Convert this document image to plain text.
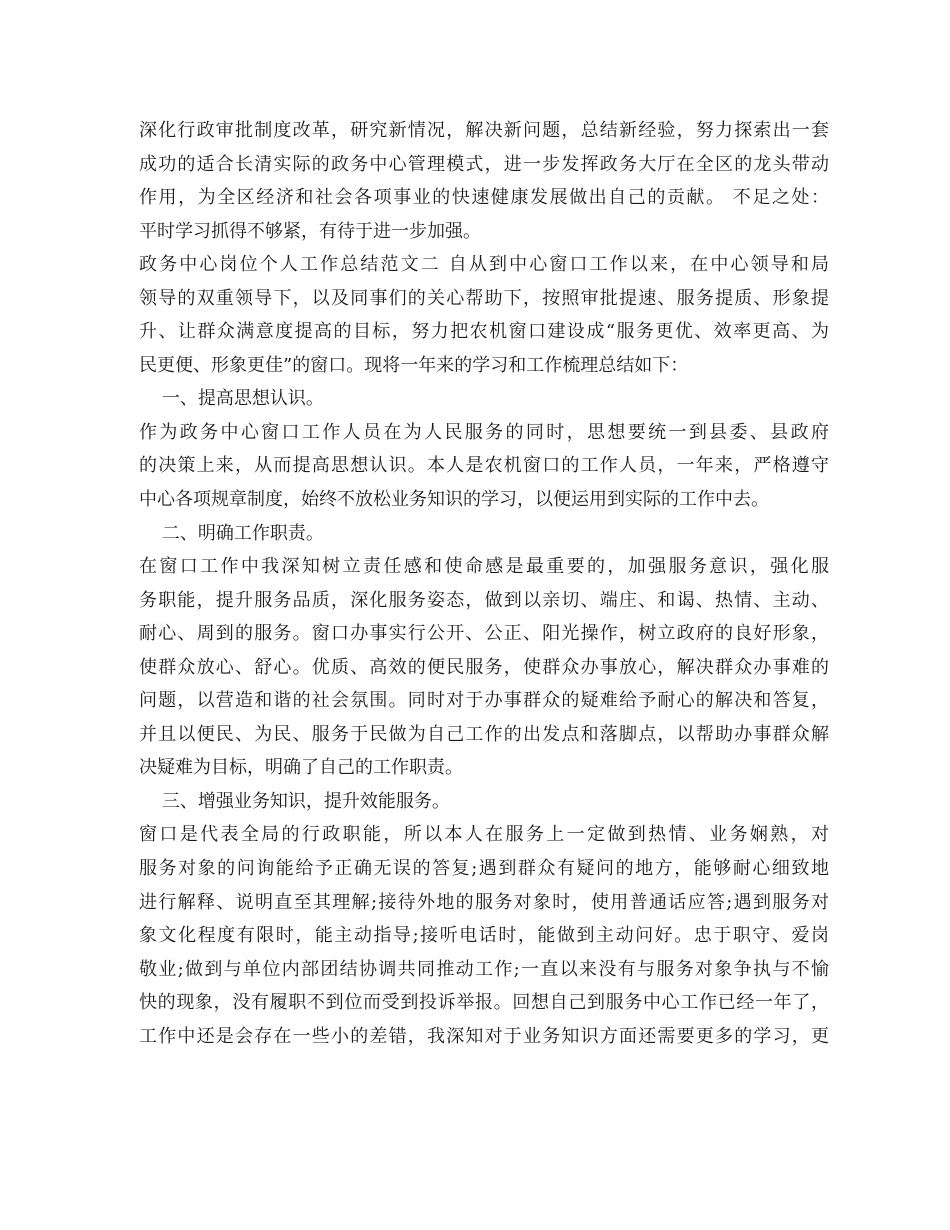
深化行政审批制度改革，研究新情况，解决新问题，总结新经验，努力探索出一套
成功的适合长清实际的政务中心管理模式，进一步发挥政务大厅在全区的龙头带动
作用，为全区经济和社会各项事业的快速健康发展做出自己的贡献。 不足之处：
平时学习抓得不够紧，有待于进一步加强。
政务中心岗位个人工作总结范文二 自从到中心窗口工作以来，在中心领导和局
领导的双重领导下，以及同事们的关心帮助下，按照审批提速、服务提质、形象提
升、让群众满意度提高的目标，努力把农机窗口建设成“服务更优、效率更高、为
民更便、形象更佳”的窗口。现将一年来的学习和工作梳理总结如下：
一、提高思想认识。
作为政务中心窗口工作人员在为人民服务的同时，思想要统一到县委、县政府
的决策上来，从而提高思想认识。本人是农机窗口的工作人员，一年来，严格遵守
中心各项规章制度，始终不放松业务知识的学习，以便运用到实际的工作中去。
二、明确工作职责。
在窗口工作中我深知树立责任感和使命感是最重要的，加强服务意识，强化服
务职能，提升服务品质，深化服务姿态，做到以亲切、端庄、和谒、热情、主动、
耐心、周到的服务。窗口办事实行公开、公正、阳光操作，树立政府的良好形象，
使群众放心、舒心。优质、高效的便民服务，使群众办事放心，解决群众办事难的
问题，以营造和谐的社会氛围。同时对于办事群众的疑难给予耐心的解决和答复，
并且以便民、为民、服务于民做为自己工作的出发点和落脚点，以帮助办事群众解
决疑难为目标，明确了自己的工作职责。
三、增强业务知识，提升效能服务。
窗口是代表全局的行政职能，所以本人在服务上一定做到热情、业务娴熟，对
服务对象的问询能给予正确无误的答复;遇到群众有疑问的地方，能够耐心细致地
进行解释、说明直至其理解;接待外地的服务对象时，使用普通话应答;遇到服务对
象文化程度有限时，能主动指导;接听电话时，能做到主动问好。忠于职守、爱岗
敬业;做到与单位内部团结协调共同推动工作;一直以来没有与服务对象争执与不愉
快的现象，没有履职不到位而受到投诉举报。回想自己到服务中心工作已经一年了，
工作中还是会存在一些小的差错，我深知对于业务知识方面还需要更多的学习，更
